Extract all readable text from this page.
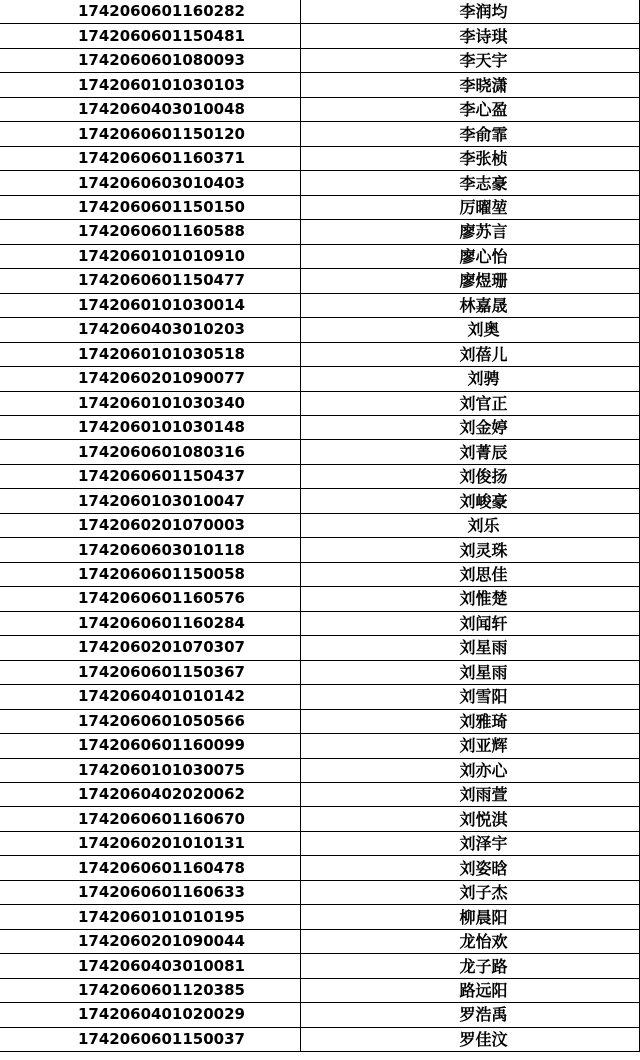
1742060601160282	李润均
1742060601150481	李诗琪
1742060601080093	李天宇
1742060101030103	李晓潇
1742060403010048	李心盈
1742060601150120	李俞霏
1742060601160371	李张桢
1742060603010403	李志豪
1742060601150150	厉曜堃
1742060601160588	廖苏言
1742060101010910	廖心怡
1742060601150477	廖煜珊
1742060101030014	林嘉晟
1742060403010203	刘奥
1742060101030518	刘蓓儿
1742060201090077	刘骋
1742060101030340	刘官正
1742060101030148	刘金婷
1742060601080316	刘菁辰
1742060601150437	刘俊扬
1742060103010047	刘峻豪
1742060201070003	刘乐
1742060603010118	刘灵珠
1742060601150058	刘思佳
1742060601160576	刘惟楚
1742060601160284	刘闻轩
1742060201070307	刘星雨
1742060601150367	刘星雨
1742060401010142	刘雪阳
1742060601050566	刘雅琦
1742060601160099	刘亚辉
1742060101030075	刘亦心
1742060402020062	刘雨萱
1742060601160670	刘悦淇
1742060201010131	刘泽宇
1742060601160478	刘姿晗
1742060601160633	刘子杰
1742060101010195	柳晨阳
1742060201090044	龙怡欢
1742060403010081	龙子路
1742060601120385	路远阳
1742060401020029	罗浩禹
1742060601150037	罗佳汶
